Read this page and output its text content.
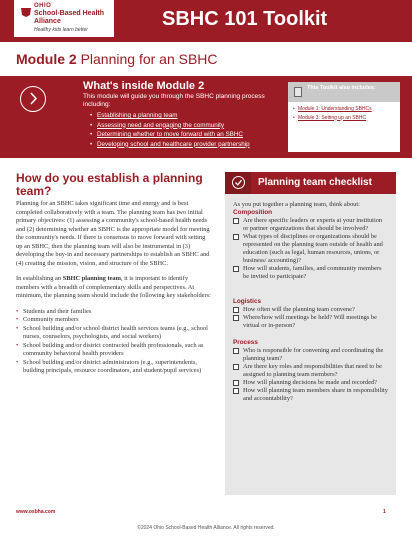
OHIO
School-Based Health Alliance
Healthy kids learn better	SBHC 101 Toolkit
Module 2 Planning for an SBHC
What's inside Module 2
This module will guide you through the SBHC planning process including:
• Establishing a planning team
• Assessing need and engaging the community
• Determining whether to move forward with an SBHC
• Developing school and healthcare provider partnership
This Toolkit also includes:
• Module 1: Understanding SBHCs
• Module 3: Setting up an SBHC
How do you establish a planning team?

Planning for an SBHC takes significant time and energy and is best completed collaboratively with a team. The planning team has two initial primary objectives: (1) assessing a community's school-based health needs and (2) determining whether an SBHC is the appropriate model for meeting the community's needs. If there is consensus to move forward with setting up an SBHC, then the planning team will also be instrumental in (3) developing the buy-in and necessary partnerships to establish an SBHC and (4) creating the mission, vision, and structure of the SBHC.

In establishing an SBHC planning team, it is important to identify members with a breadth of complementary skills and perspectives. At minimum, the planning team should include the following key stakeholders:

• Students and their families
• Community members
• School building and/or school district health services teams (e.g., school nurses, counselors, psychologists, and social workers)
• School building and/or district contracted health professionals, such as community behavioral health providers
• School building and/or district administrators (e.g., superintendents, building principals, resource coordinators, and student/pupil services)
Planning team checklist
As you put together a planning team, think about:
Composition
Are there specific leaders or experts at your institution or partner organizations that should be involved?
What types of disciplines or organizations should be represented on the planning team outside of health and education (such as legal, human resources, unions, or business/ accounting)?
How will students, families, and community members be invited to participate?
Logistics
How often will the planning team convene?
Where/how will meetings be held? Will meetings be virtual or in-person?
Process
Who is responsible for convening and coordinating the planning team?
Are there key roles and responsibilities that need to be assigned to planning team members?
How will planning decisions be made and recorded?
How will planning team members share in responsibility and accountability?
www.osbha.com	1
©2024 Ohio School-Based Health Alliance. All rights reserved.
